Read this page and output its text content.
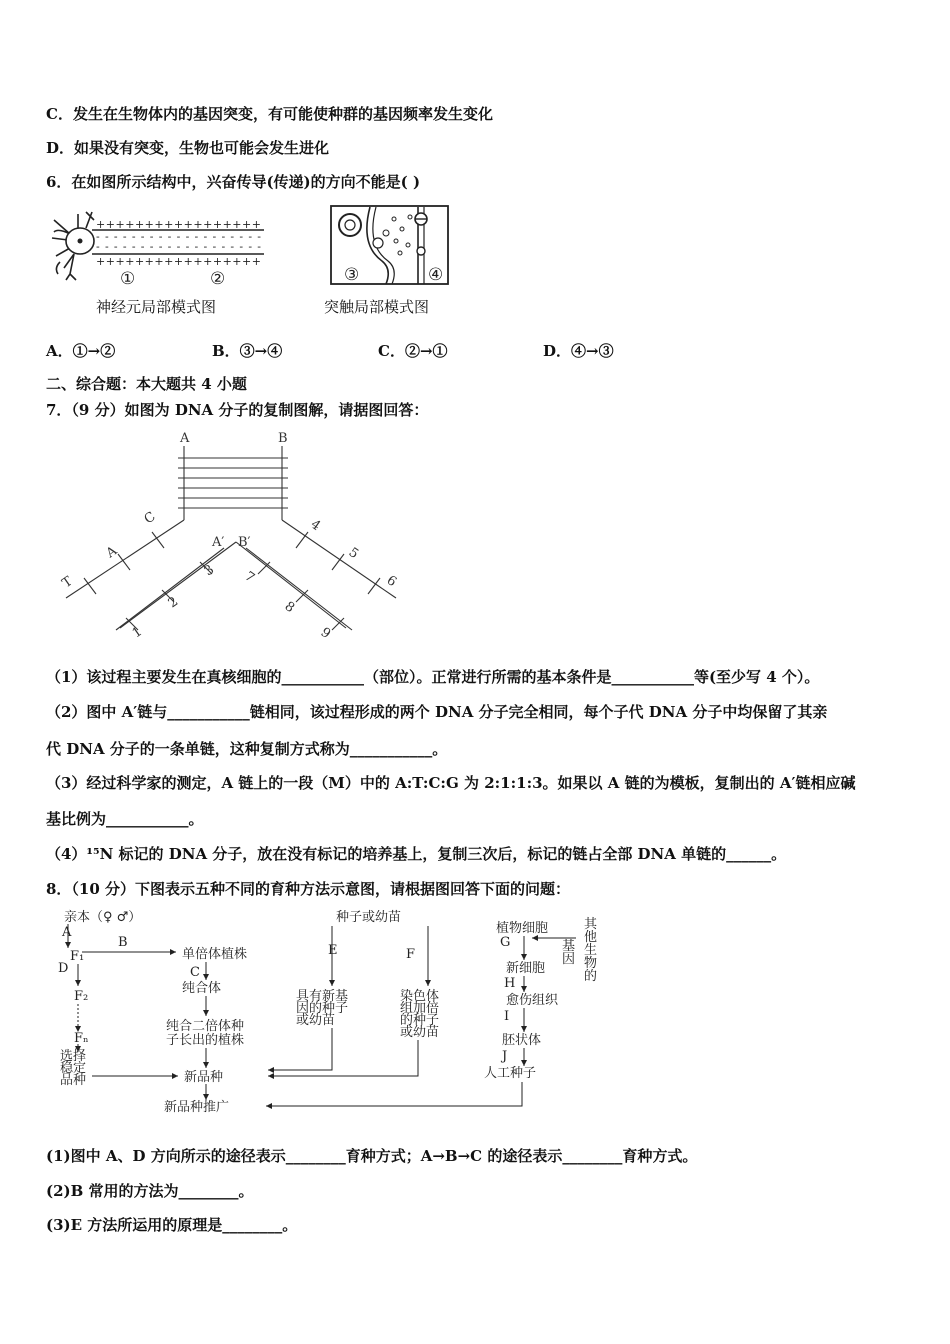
C．发生在生物体内的基因突变，有可能使种群的基因频率发生变化
D．如果没有突变，生物也可能会发生进化
6．在如图所示结构中，兴奋传导(传递)的方向不能是( )
+ + + + + + + + + + + + + + + + +
- - - - - - - - - - - - - - - - - - -
- - - - - - - - - - - - - - - - - - -
+ + + + + + + + + + + + + + + + +
①	②
神经元局部模式图
③	④
突触局部模式图
A．①→②	B．③→④	C．②→①	D．④→③
二、综合题：本大题共 4 小题
7．（9 分）如图为 DNA 分子的复制图解，请据图回答：
A	B
A′ B′
C
A
T
4
5
6
3
2
1
7
8
9
（1）该过程主要发生在真核细胞的___________（部位）。正常进行所需的基本条件是___________等(至少写 4 个）。
（2）图中 A′链与___________链相同，该过程形成的两个 DNA 分子完全相同，每个子代 DNA 分子中均保留了其亲
代 DNA 分子的一条单链，这种复制方式称为___________。
（3）经过科学家的测定，A 链上的一段（M）中的 A:T:C:G 为 2:1:1:3。如果以 A 链的为模板，复制出的 A′链相应碱
基比例为___________。
（4）¹⁵N 标记的 DNA 分子，放在没有标记的培养基上，复制三次后，标记的链占全部 DNA 单链的______。
8．（10 分）下图表示五种不同的育种方法示意图，请根据图回答下面的问题：
亲本（♀ ♂）
A
F₁
B
单倍体植株
C
D
F₂
纯合体
纯合二倍体种
子长出的植株
Fₙ
选择
稳定
品种	新品种
新品种推广
种子或幼苗
E	F
具有新基
因的种子
或幼苗
染色体
组加倍
的种子
或幼苗
植物细胞
G
其
他
生
物
的
基
因
新细胞
H
愈伤组织
I
胚状体
J
人工种子
(1)图中 A、D 方向所示的途径表示________育种方式；A→B→C 的途径表示________育种方式。
(2)B 常用的方法为________。
(3)E 方法所运用的原理是________。
